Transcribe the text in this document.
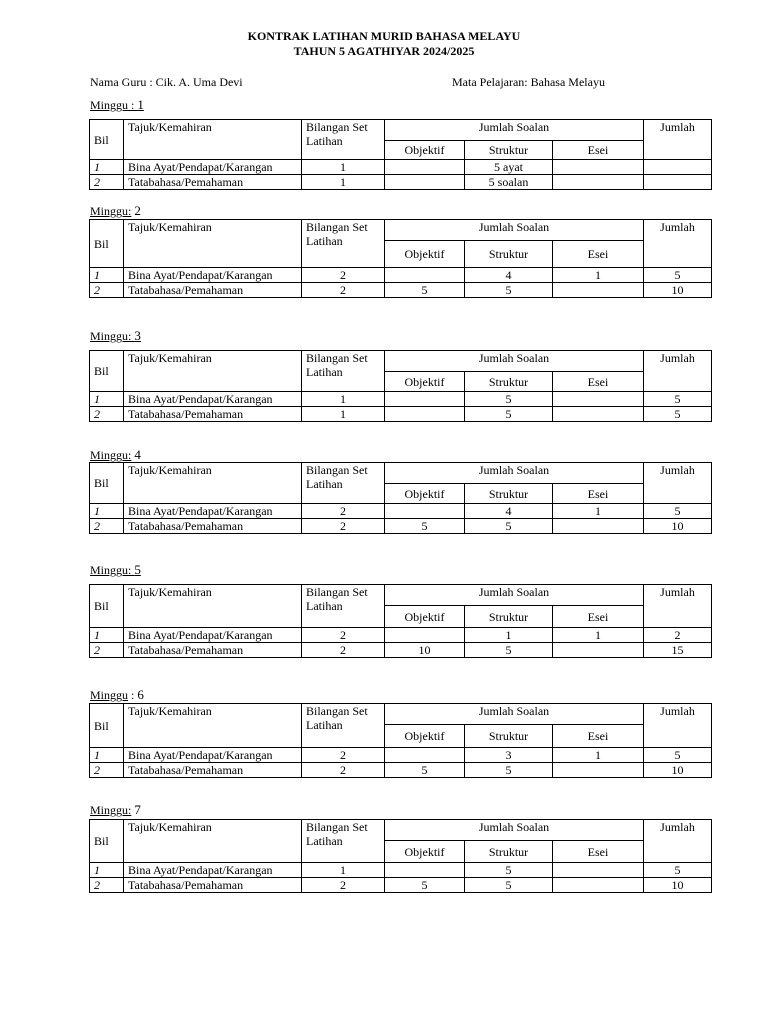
KONTRAK LATIHAN MURID BAHASA MELAYU
TAHUN 5 AGATHIYAR 2024/2025
Nama Guru : Cik. A. Uma Devi	Mata Pelajaran: Bahasa Melayu
Minggu : 1
Bil	Tajuk/Kemahiran	Bilangan Set
Latihan	Jumlah Soalan			Jumlah
			Objektif	Struktur	Esei	
1	Bina Ayat/Pendapat/Karangan	1		5 ayat		
2	Tatabahasa/Pemahaman	1		5 soalan		
Minggu: 2
Bil	Tajuk/Kemahiran	Bilangan Set
Latihan	Jumlah Soalan			Jumlah
			Objektif	Struktur	Esei	
1	Bina Ayat/Pendapat/Karangan	2		4	1	5
2	Tatabahasa/Pemahaman	2	5	5		10
Minggu: 3
Bil	Tajuk/Kemahiran	Bilangan Set
Latihan	Jumlah Soalan			Jumlah
			Objektif	Struktur	Esei	
1	Bina Ayat/Pendapat/Karangan	1		5		5
2	Tatabahasa/Pemahaman	1		5		5
Minggu: 4
Bil	Tajuk/Kemahiran	Bilangan Set
Latihan	Jumlah Soalan			Jumlah
			Objektif	Struktur	Esei	
1	Bina Ayat/Pendapat/Karangan	2		4	1	5
2	Tatabahasa/Pemahaman	2	5	5		10
Minggu: 5
Bil	Tajuk/Kemahiran	Bilangan Set
Latihan	Jumlah Soalan			Jumlah
			Objektif	Struktur	Esei	
1	Bina Ayat/Pendapat/Karangan	2		1	1	2
2	Tatabahasa/Pemahaman	2	10	5		15
Minggu : 6
Bil	Tajuk/Kemahiran	Bilangan Set
Latihan	Jumlah Soalan			Jumlah
			Objektif	Struktur	Esei	
1	Bina Ayat/Pendapat/Karangan	2		3	1	5
2	Tatabahasa/Pemahaman	2	5	5		10
Minggu: 7
Bil	Tajuk/Kemahiran	Bilangan Set
Latihan	Jumlah Soalan			Jumlah
			Objektif	Struktur	Esei	
1	Bina Ayat/Pendapat/Karangan	1		5		5
2	Tatabahasa/Pemahaman	2	5	5		10
